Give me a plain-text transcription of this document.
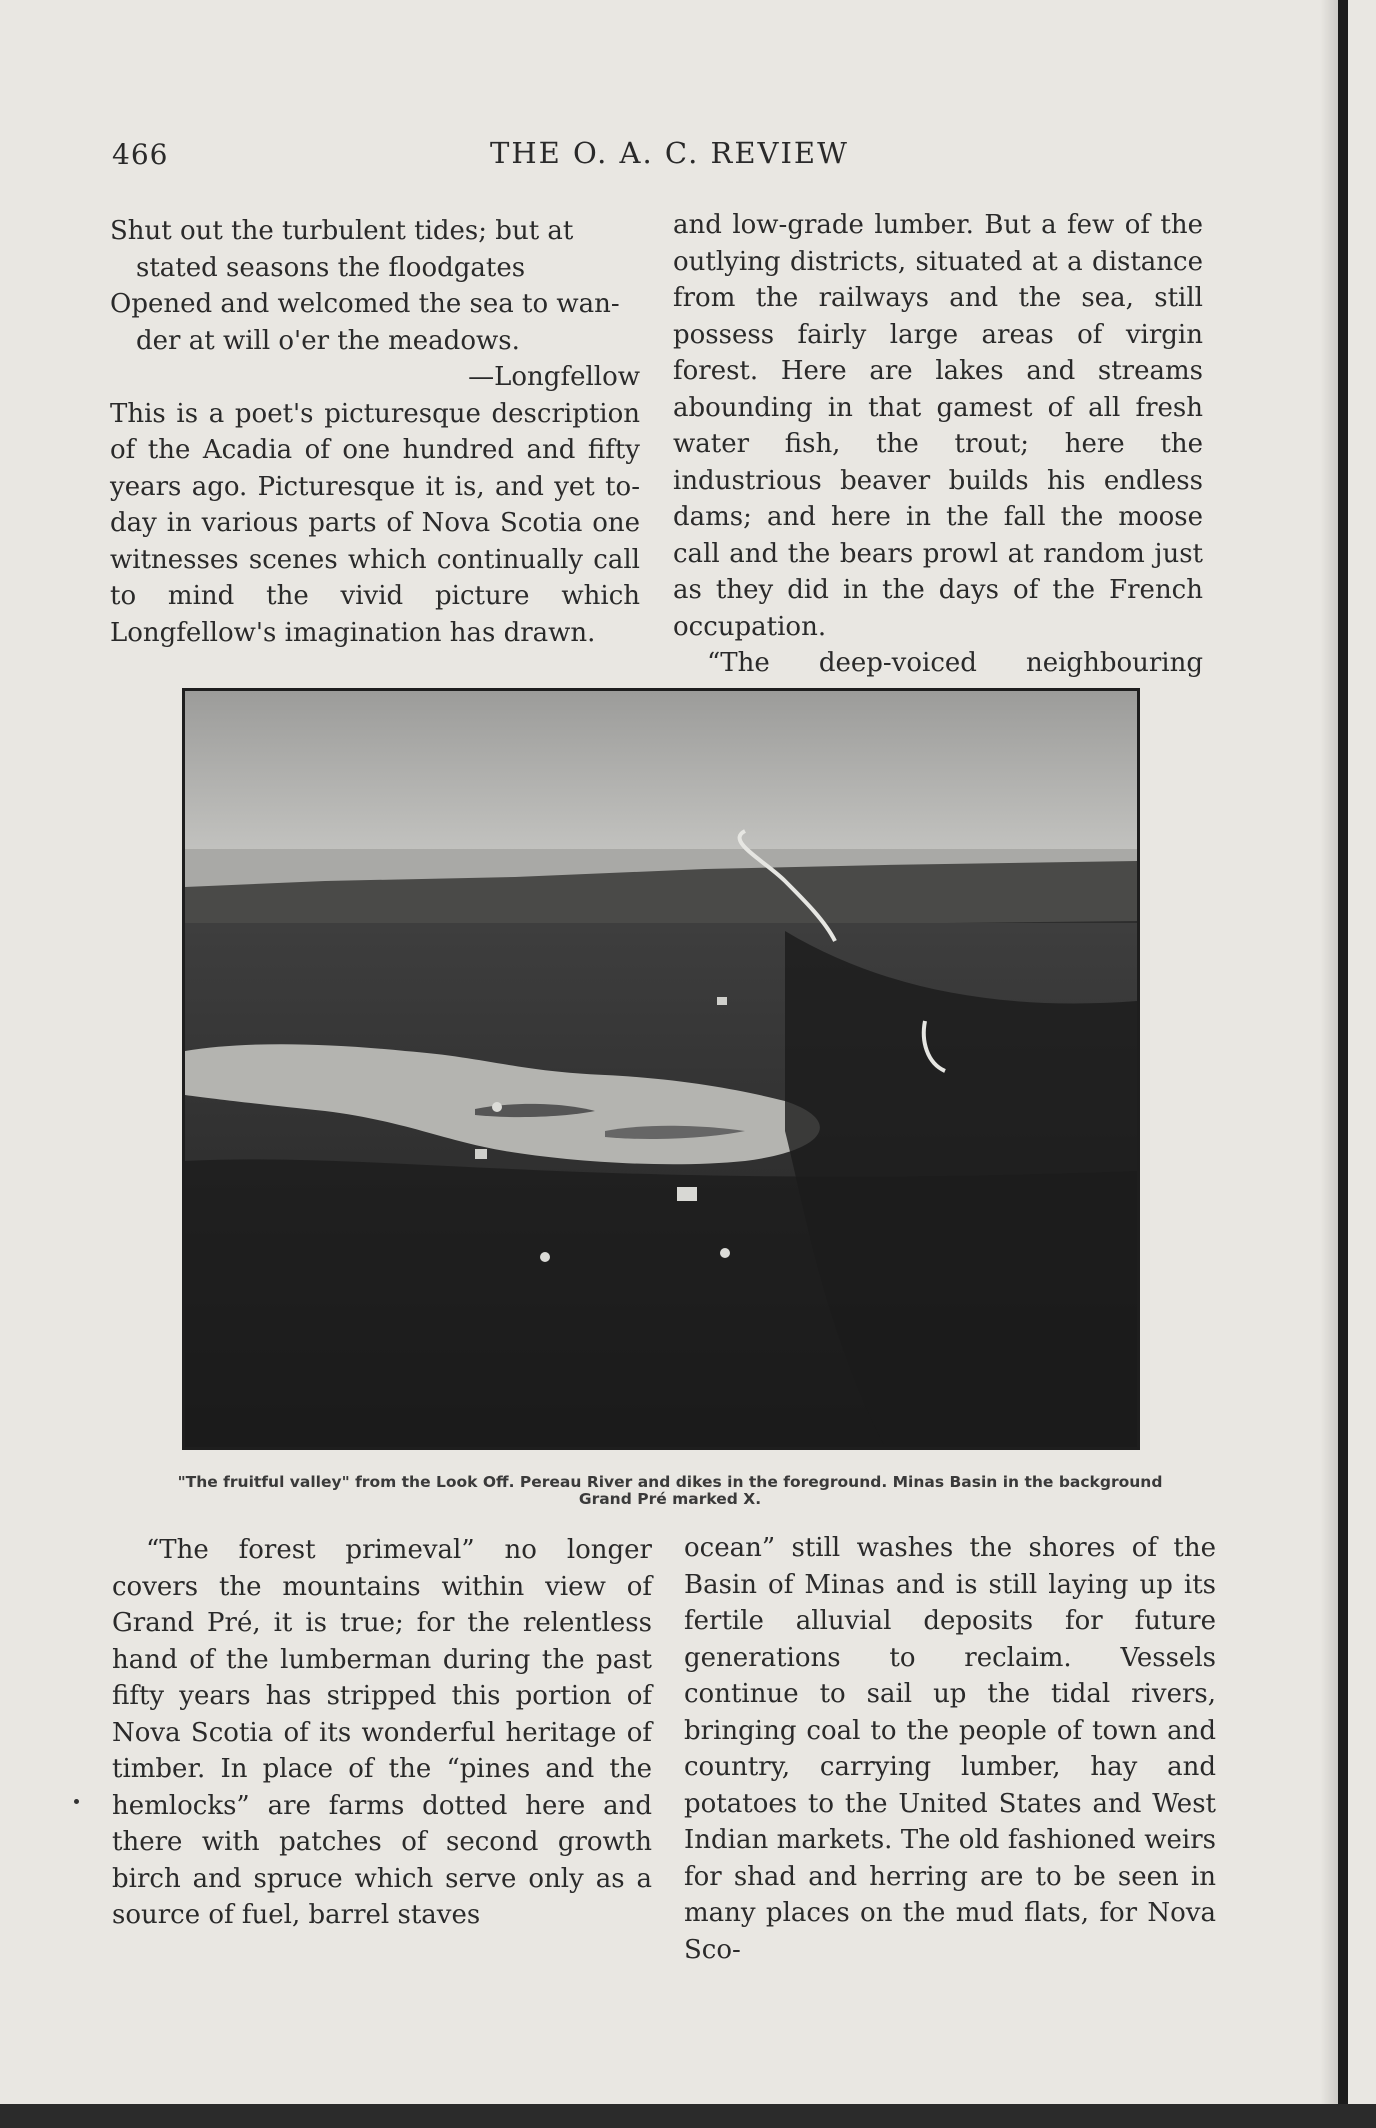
466	THE O. A. C. REVIEW

Shut out the turbulent tides; but at

stated seasons the floodgates

Opened and welcomed the sea to wan-

der at will o'er the meadows.

—Longfellow

This is a poet's picturesque description of the Acadia of one hundred and fifty years ago. Picturesque it is, and yet to-day in various parts of Nova Scotia one witnesses scenes which continually call to mind the vivid picture which Longfellow's imagination has drawn.

and low-grade lumber. But a few of the outlying districts, situated at a distance from the railways and the sea, still possess fairly large areas of virgin forest. Here are lakes and streams abounding in that gamest of all fresh water fish, the trout; here the industrious beaver builds his endless dams; and here in the fall the moose call and the bears prowl at random just as they did in the days of the French occupation.

“The deep-voiced neighbouring

"The fruitful valley" from the Look Off. Pereau River and dikes in the foreground. Minas Basin in the background
Grand Pré marked X.

“The forest primeval” no longer covers the mountains within view of Grand Pré, it is true; for the relentless hand of the lumberman during the past fifty years has stripped this portion of Nova Scotia of its wonderful heritage of timber. In place of the “pines and the hemlocks” are farms dotted here and there with patches of second growth birch and spruce which serve only as a source of fuel, barrel staves

ocean” still washes the shores of the Basin of Minas and is still laying up its fertile alluvial deposits for future generations to reclaim. Vessels continue to sail up the tidal rivers, bringing coal to the people of town and country, carrying lumber, hay and potatoes to the United States and West Indian markets. The old fashioned weirs for shad and herring are to be seen in many places on the mud flats, for Nova Sco-
